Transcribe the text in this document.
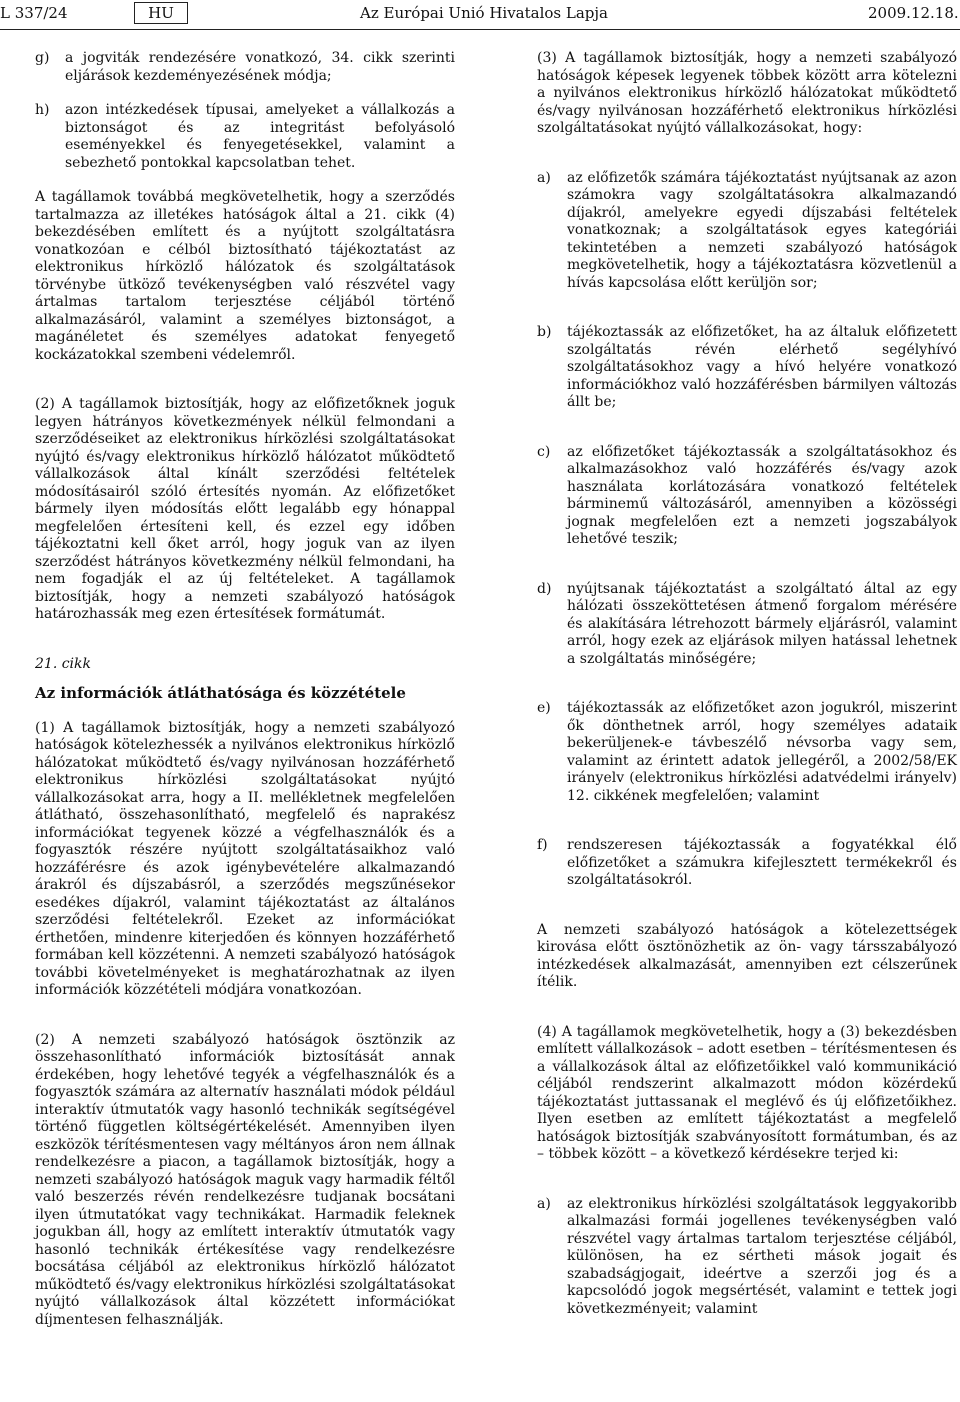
L 337/24	HU	Az Európai Unió Hivatalos Lapja	2009.12.18.
g)	a jogviták rendezésére vonatkozó, 34. cikk szerinti eljárások kezdeményezésének módja;
h)	azon intézkedések típusai, amelyeket a vállalkozás a biztonságot és az integritást befolyásoló eseményekkel és fenyegetésekkel, valamint a sebezhető pontokkal kapcsolatban tehet.

A tagállamok továbbá megkövetelhetik, hogy a szerződés tartalmazza az illetékes hatóságok által a 21. cikk (4) bekezdésében említett és a nyújtott szolgáltatásra vonatkozóan e célból biztosítható tájékoztatást az elektronikus hírközlő hálózatok és szolgáltatások törvénybe ütköző tevékenységben való részvétel vagy ártalmas tartalom terjesztése céljából történő alkalmazásáról, valamint a személyes biztonságot, a magánéletet és személyes adatokat fenyegető kockázatokkal szembeni védelemről.

(2) A tagállamok biztosítják, hogy az előfizetőknek joguk legyen hátrányos következmények nélkül felmondani a szerződéseiket az elektronikus hírközlési szolgáltatásokat nyújtó és/vagy elektronikus hírközlő hálózatot működtető vállalkozások által kínált szerződési feltételek módosításairól szóló értesítés nyomán. Az előfizetőket bármely ilyen módosítás előtt legalább egy hónappal megfelelően értesíteni kell, és ezzel egy időben tájékoztatni kell őket arról, hogy joguk van az ilyen szerződést hátrányos következmény nélkül felmondani, ha nem fogadják el az új feltételeket. A tagállamok biztosítják, hogy a nemzeti szabályozó hatóságok határozhassák meg ezen értesítések formátumát.

21. cikk

Az információk átláthatósága és közzététele

(1) A tagállamok biztosítják, hogy a nemzeti szabályozó hatóságok kötelezhessék a nyilvános elektronikus hírközlő hálózatokat működtető és/vagy nyilvánosan hozzáférhető elektronikus hírközlési szolgáltatásokat nyújtó vállalkozásokat arra, hogy a II. mellékletnek megfelelően átlátható, összehasonlítható, megfelelő és naprakész információkat tegyenek közzé a végfelhasználók és a fogyasztók részére nyújtott szolgáltatásaikhoz való hozzáférésre és azok igénybevételére alkalmazandó árakról és díjszabásról, a szerződés megszűnésekor esedékes díjakról, valamint tájékoztatást az általános szerződési feltételekről. Ezeket az információkat érthetően, mindenre kiterjedően és könnyen hozzáférhető formában kell közzétenni. A nemzeti szabályozó hatóságok további követelményeket is meghatározhatnak az ilyen információk közzétételi módjára vonatkozóan.

(2) A nemzeti szabályozó hatóságok ösztönzik az összehasonlítható információk biztosítását annak érdekében, hogy lehetővé tegyék a végfelhasználók és a fogyasztók számára az alternatív használati módok például interaktív útmutatók vagy hasonló technikák segítségével történő független költségértékelését. Amennyiben ilyen eszközök térítésmentesen vagy méltányos áron nem állnak rendelkezésre a piacon, a tagállamok biztosítják, hogy a nemzeti szabályozó hatóságok maguk vagy harmadik féltől való beszerzés révén rendelkezésre tudjanak bocsátani ilyen útmutatókat vagy technikákat. Harmadik feleknek jogukban áll, hogy az említett interaktív útmutatók vagy hasonló technikák értékesítése vagy rendelkezésre bocsátása céljából az elektronikus hírközlő hálózatot működtető és/vagy elektronikus hírközlési szolgáltatásokat nyújtó vállalkozások által közzétett információkat díjmentesen felhasználják.

(3) A tagállamok biztosítják, hogy a nemzeti szabályozó hatóságok képesek legyenek többek között arra kötelezni a nyilvános elektronikus hírközlő hálózatokat működtető és/vagy nyilvánosan hozzáférhető elektronikus hírközlési szolgáltatásokat nyújtó vállalkozásokat, hogy:

a)	az előfizetők számára tájékoztatást nyújtsanak az azon számokra vagy szolgáltatásokra alkalmazandó díjakról, amelyekre egyedi díjszabási feltételek vonatkoznak; a szolgáltatások egyes kategóriái tekintetében a nemzeti szabályozó hatóságok megkövetelhetik, hogy a tájékoztatásra közvetlenül a hívás kapcsolása előtt kerüljön sor;
b)	tájékoztassák az előfizetőket, ha az általuk előfizetett szolgáltatás révén elérhető segélyhívó szolgáltatásokhoz vagy a hívó helyére vonatkozó információkhoz való hozzáférésben bármilyen változás állt be;
c)	az előfizetőket tájékoztassák a szolgáltatásokhoz és alkalmazásokhoz való hozzáférés és/vagy azok használata korlátozására vonatkozó feltételek bárminemű változásáról, amennyiben a közösségi jognak megfelelően ezt a nemzeti jogszabályok lehetővé teszik;
d)	nyújtsanak tájékoztatást a szolgáltató által az egy hálózati összeköttetésen átmenő forgalom mérésére és alakítására létrehozott bármely eljárásról, valamint arról, hogy ezek az eljárások milyen hatással lehetnek a szolgáltatás minőségére;
e)	tájékoztassák az előfizetőket azon jogukról, miszerint ők dönthetnek arról, hogy személyes adataik bekerüljenek-e távbeszélő névsorba vagy sem, valamint az érintett adatok jellegéről, a 2002/58/EK irányelv (elektronikus hírközlési adatvédelmi irányelv) 12. cikkének megfelelően; valamint
f)	rendszeresen tájékoztassák a fogyatékkal élő előfizetőket a számukra kifejlesztett termékekről és szolgáltatásokról.

A nemzeti szabályozó hatóságok a kötelezettségek kirovása előtt ösztönözhetik az ön- vagy társszabályozó intézkedések alkalmazását, amennyiben ezt célszerűnek ítélik.

(4) A tagállamok megkövetelhetik, hogy a (3) bekezdésben említett vállalkozások – adott esetben – térítésmentesen és a vállalkozások által az előfizetőikkel való kommunikáció céljából rendszerint alkalmazott módon közérdekű tájékoztatást juttassanak el meglévő és új előfizetőikhez. Ilyen esetben az említett tájékoztatást a megfelelő hatóságok biztosítják szabványosított formátumban, és az – többek között – a következő kérdésekre terjed ki:

a)	az elektronikus hírközlési szolgáltatások leggyakoribb alkalmazási formái jogellenes tevékenységben való részvétel vagy ártalmas tartalom terjesztése céljából, különösen, ha ez sértheti mások jogait és szabadságjogait, ideértve a szerzői jog és a kapcsolódó jogok megsértését, valamint e tettek jogi következményeit; valamint
